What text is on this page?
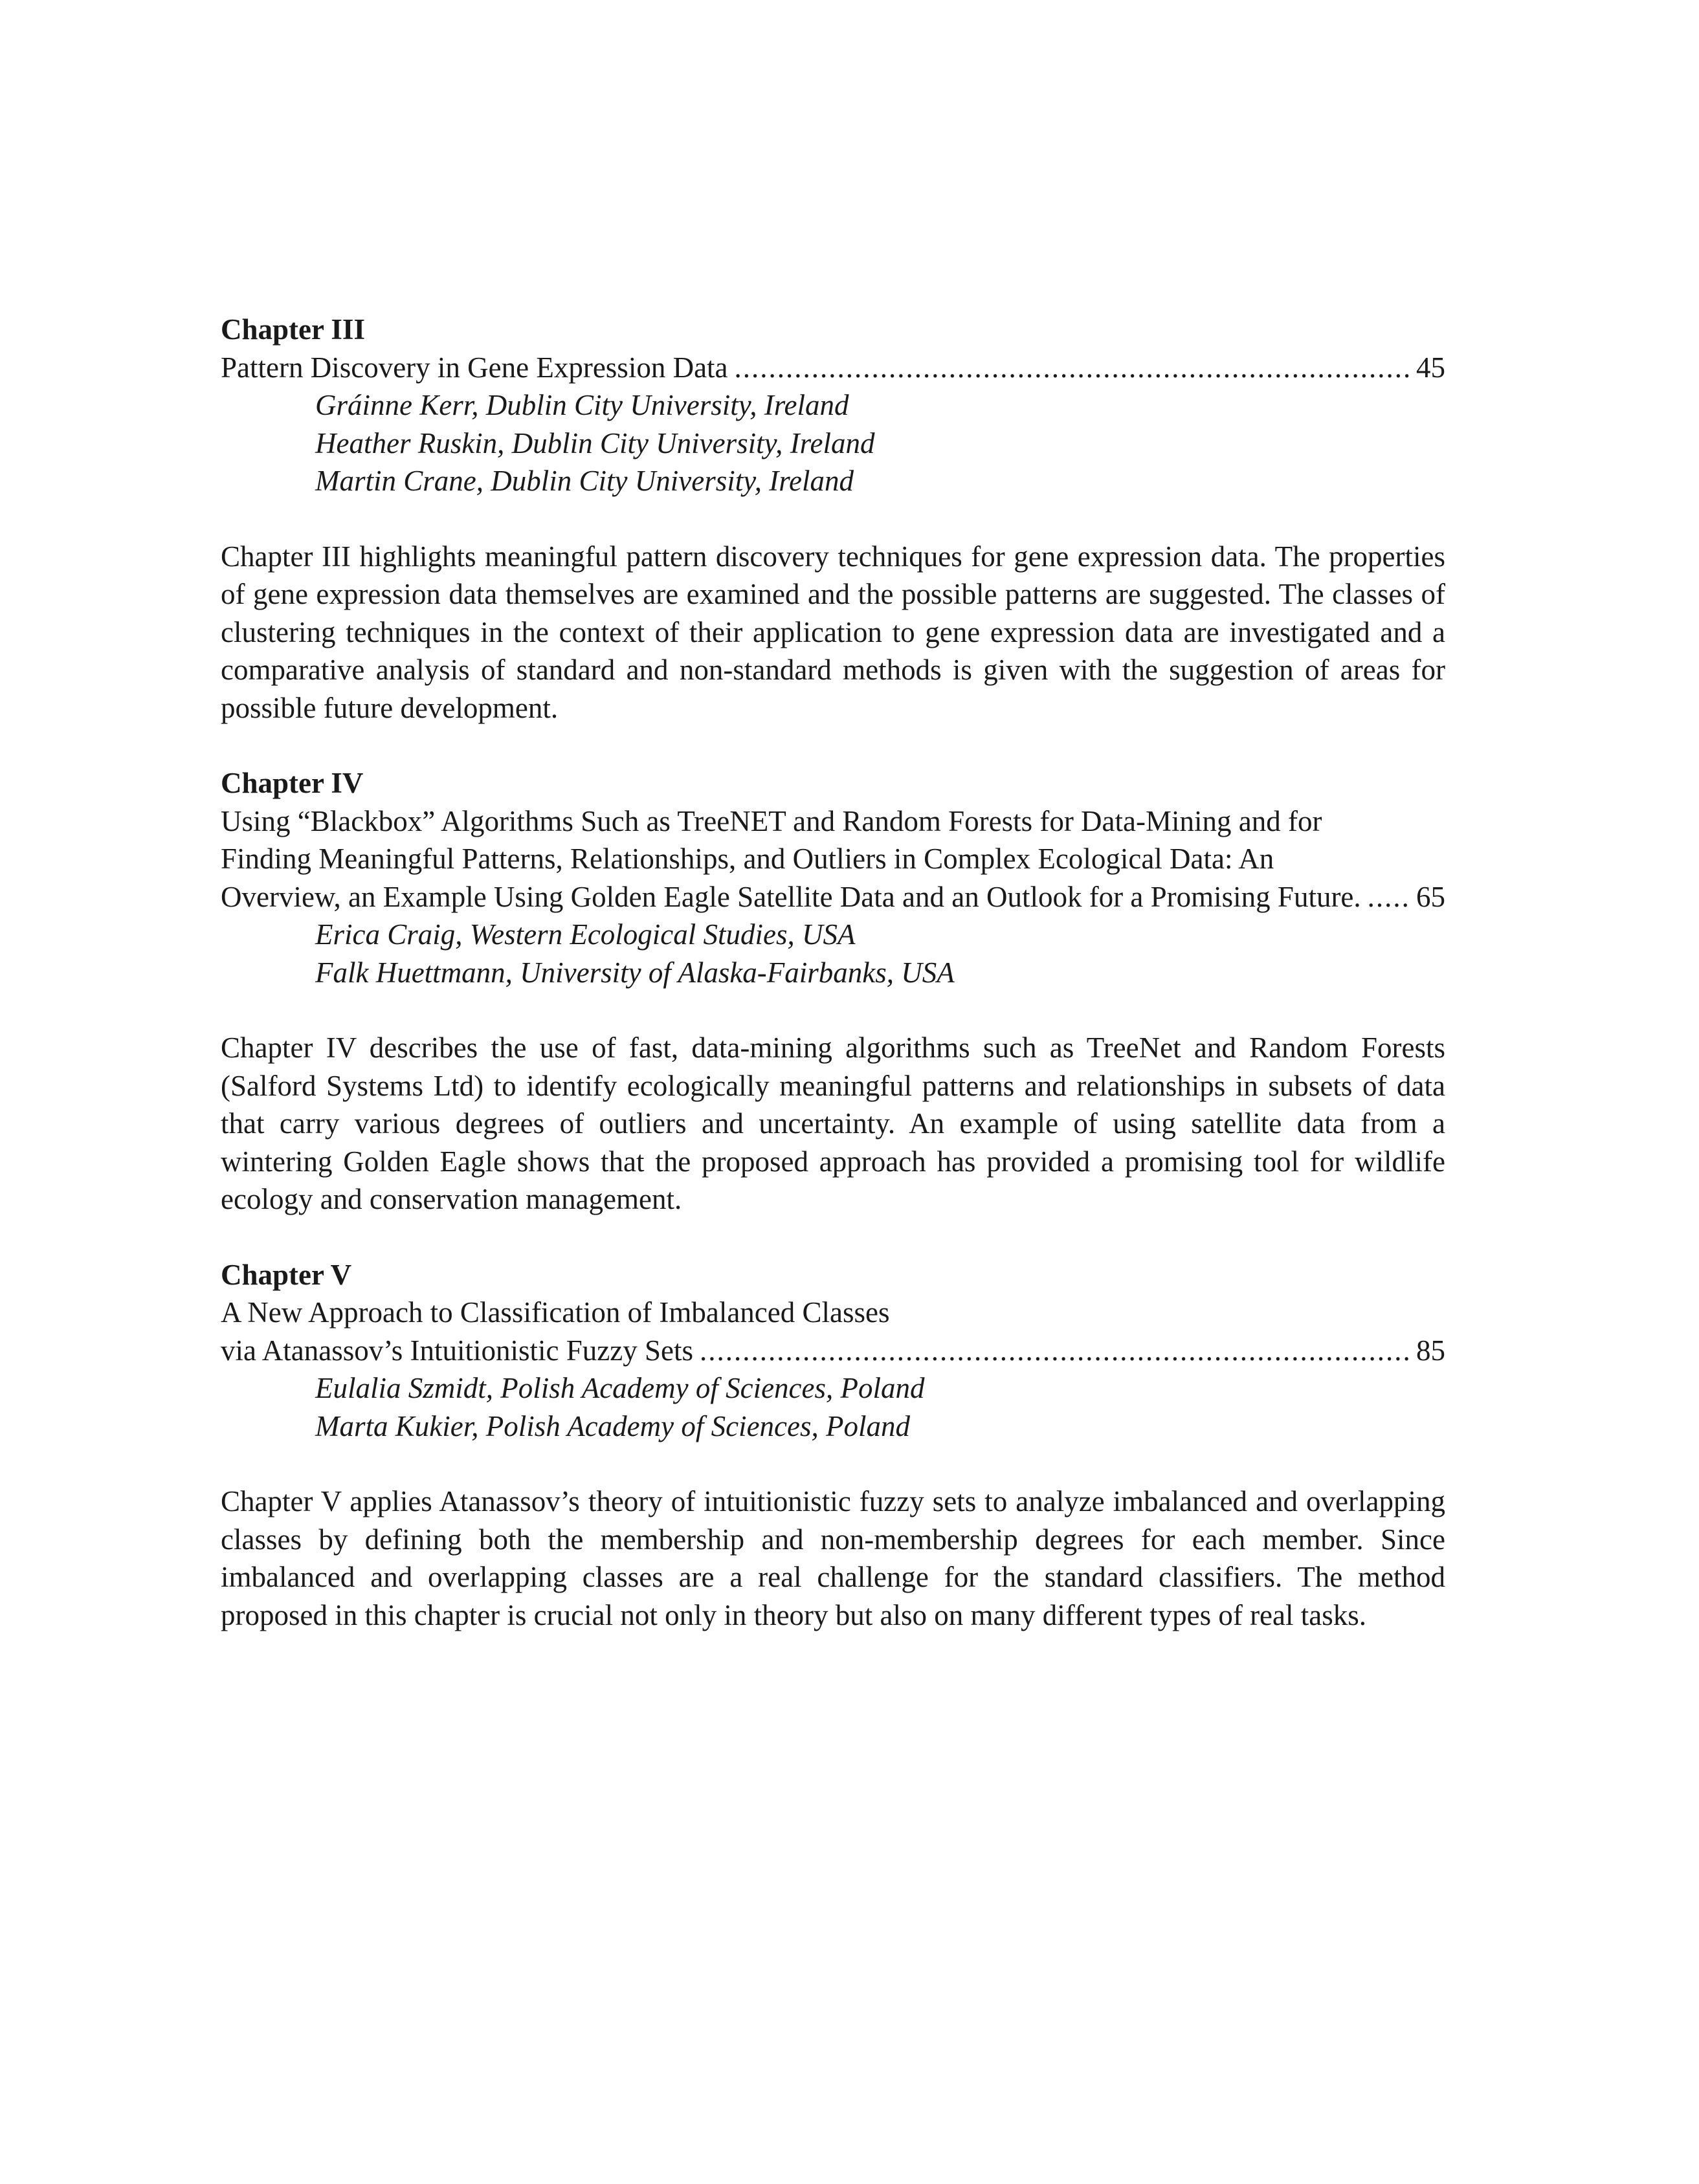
Chapter III
Pattern Discovery in Gene Expression Data .....	45
Gráinne Kerr, Dublin City University, Ireland
Heather Ruskin, Dublin City University, Ireland
Martin Crane, Dublin City University, Ireland

Chapter III highlights meaningful pattern discovery techniques for gene expression data. The properties of gene expression data themselves are examined and the possible patterns are suggested. The classes of clustering techniques in the context of their application to gene expression data are investigated and a comparative analysis of standard and non-standard methods is given with the suggestion of areas for possible future development.

Chapter IV
Using “Blackbox” Algorithms Such as TreeNET and Random Forests for Data-Mining and for
Finding Meaningful Patterns, Relationships, and Outliers in Complex Ecological Data: An
Overview, an Example Using Golden Eagle Satellite Data and an Outlook for a Promising Future. ..... 65
Erica Craig, Western Ecological Studies, USA
Falk Huettmann, University of Alaska-Fairbanks, USA

Chapter IV describes the use of fast, data-mining algorithms such as TreeNet and Random Forests (Salford Systems Ltd) to identify ecologically meaningful patterns and relationships in subsets of data that carry various degrees of outliers and uncertainty. An example of using satellite data from a wintering Golden Eagle shows that the proposed approach has provided a promising tool for wildlife ecology and conservation management.

Chapter V
A New Approach to Classification of Imbalanced Classes
via Atanassov’s Intuitionistic Fuzzy Sets .....	85
Eulalia Szmidt, Polish Academy of Sciences, Poland
Marta Kukier, Polish Academy of Sciences, Poland

Chapter V applies Atanassov’s theory of intuitionistic fuzzy sets to analyze imbalanced and overlapping classes by defining both the membership and non-membership degrees for each member. Since imbalanced and overlapping classes are a real challenge for the standard classifiers. The method proposed in this chapter is crucial not only in theory but also on many different types of real tasks.
